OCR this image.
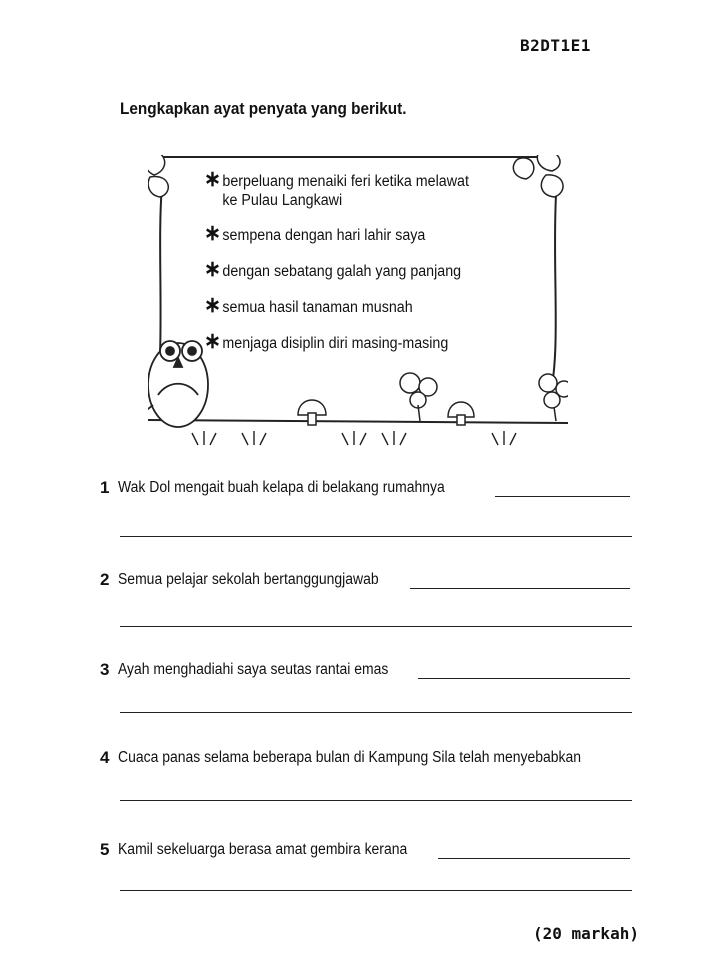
B2DT1E1
Lengkapkan ayat penyata yang berikut.
∗ berpeluang menaiki feri ketika melawat
ke Pulau Langkawi
∗ sempena dengan hari lahir saya
∗ dengan sebatang galah yang panjang
∗ semua hasil tanaman musnah
∗ menjaga disiplin diri masing-masing
1 Wak Dol mengait buah kelapa di belakang rumahnya
2 Semua pelajar sekolah bertanggungjawab
3 Ayah menghadiahi saya seutas rantai emas
4 Cuaca panas selama beberapa bulan di Kampung Sila telah menyebabkan
5 Kamil sekeluarga berasa amat gembira kerana
(20 markah)
